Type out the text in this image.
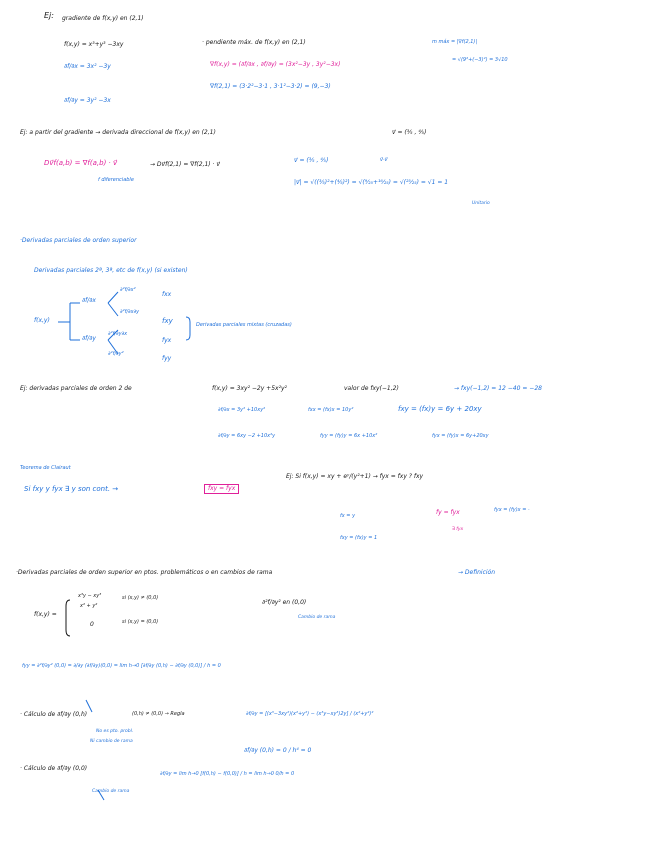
Ej: gradiente de f(x,y) en (2,1)
f(x,y) = x³+y³ −3xy	· pendiente máx. de f(x,y) en (2,1)	m máx = |∇f(2,1)|
= √(9²+(−3)²) = 3√10
∂f/∂x = 3x² −3y	∇f(x,y) = (∂f/∂x , ∂f/∂y) = (3x²−3y , 3y²−3x)
∇f(2,1) = (3·2²−3·1 , 3·1²−3·2) = (9,−3)
∂f/∂y = 3y² −3x
Ej: a partir del gradiente → derivada direccional de f(x,y) en (2,1)	v⃗ = (³⁄₅ , ⁴⁄₅)
Dv⃗f(a,b) = ∇f(a,b) · v⃗	→ Dv⃗f(2,1) = ∇f(2,1) · v⃗
v⃗ = (³⁄₅ , ⁴⁄₅)	v⃗·v⃗
f diferenciable	|v⃗| = √((³⁄₅)²+(⁴⁄₅)²) = √(⁹⁄₂₅+¹⁶⁄₂₅) = √(²⁵⁄₂₅) = √1 = 1
Unitario
·Derivadas parciales de orden superior
Derivadas parciales 2ª, 3ª, etc de f(x,y) (si existen)
f(x,y)
∂f/∂x
∂f/∂y
∂²f/∂x²
∂²f/∂x∂y
∂²f/∂y∂x
∂²f/∂y²
fxx
fxy
fyx
fyy
Derivadas parciales mixtas (cruzadas)
Ej: derivadas parciales de orden 2 de	f(x,y) = 3xy² −2y +5x²y²	valor de fxy(−1,2)	→ fxy(−1,2) = 12 −40 = −28
∂f/∂x = 3y² +10xy²	fxx = (fx)x = 10y²	fxy = (fx)y = 6y + 20xy
∂f/∂y = 6xy −2 +10x²y	fyy = (fy)y = 6x +10x²	fyx = (fy)x = 6y+20xy
Teorema de Clairaut
Si fxy y fyx ∃ y son cont. →	fxy = fyx
Ej: Si f(x,y) = xy + eʸ/(y²+1) → fyx = fxy ? fxy
fx = y	fy = fyx	fyx = (fy)x = ·
∃ fyx
fxy = (fx)y = 1
·Derivadas parciales de orden superior en ptos. problemáticos o en cambios de rama	→ Definición
f(x,y) =
x³y − xy³
x² + y²
si (x,y) ≠ (0,0)
0	si (x,y) = (0,0)
∂²f/∂y² en (0,0)
Cambio de rama
fyy = ∂²f/∂y² (0,0) = ∂/∂y (∂f/∂y)(0,0) = lim h→0 [∂f/∂y (0,h) − ∂f/∂y (0,0)] / h = 0
· Cálculo de ∂f/∂y (0,h)	(0,h) ≠ (0,0) → Regla
No es pto. probl.
Ni cambio de rama
∂f/∂y = [(x³−3xy²)(x²+y²) − (x³y−xy³)2y] / (x²+y²)²
∂f/∂y (0,h) = 0 / h⁴ = 0
· Cálculo de ∂f/∂y (0,0)
Cambio de rama
∂f/∂y = lim h→0 [f(0,h) − f(0,0)] / h = lim h→0 0/h = 0
